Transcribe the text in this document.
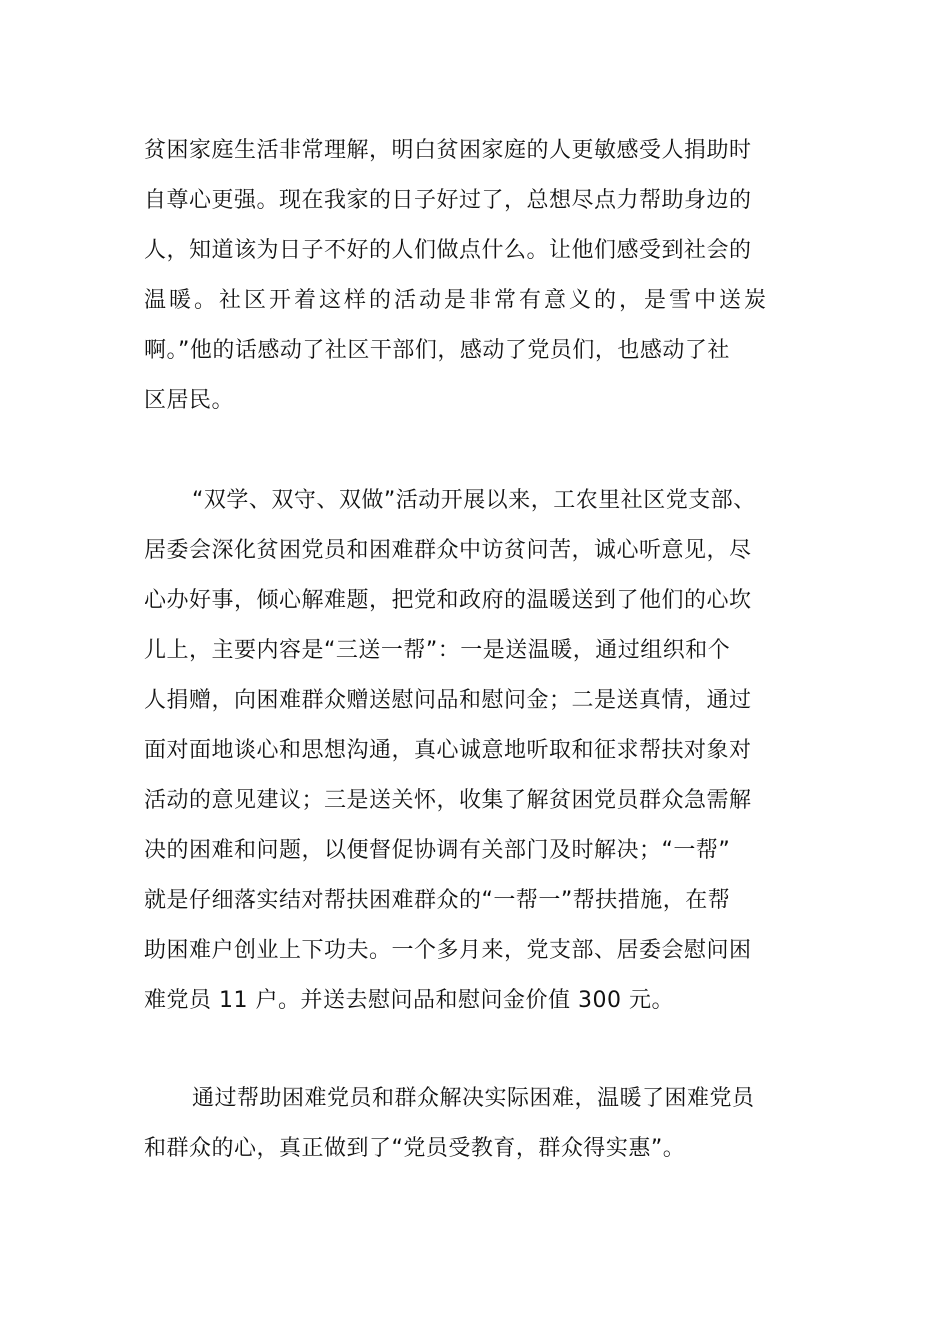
贫困家庭生活非常理解，明白贫困家庭的人更敏感受人捐助时
自尊心更强。现在我家的日子好过了，总想尽点力帮助身边的
人，知道该为日子不好的人们做点什么。让他们感受到社会的
温暖。社区开着这样的活动是非常有意义的，是雪中送炭
啊。”他的话感动了社区干部们，感动了党员们，也感动了社
区居民。
“双学、双守、双做”活动开展以来，工农里社区党支部、
居委会深化贫困党员和困难群众中访贫问苦，诚心听意见，尽
心办好事，倾心解难题，把党和政府的温暖送到了他们的心坎
儿上，主要内容是“三送一帮”：一是送温暖，通过组织和个
人捐赠，向困难群众赠送慰问品和慰问金；二是送真情，通过
面对面地谈心和思想沟通，真心诚意地听取和征求帮扶对象对
活动的意见建议；三是送关怀，收集了解贫困党员群众急需解
决的困难和问题，以便督促协调有关部门及时解决；“一帮”
就是仔细落实结对帮扶困难群众的“一帮一”帮扶措施，在帮
助困难户创业上下功夫。一个多月来，党支部、居委会慰问困
难党员 11 户。并送去慰问品和慰问金价值 300 元。
通过帮助困难党员和群众解决实际困难，温暖了困难党员
和群众的心，真正做到了“党员受教育，群众得实惠”。
